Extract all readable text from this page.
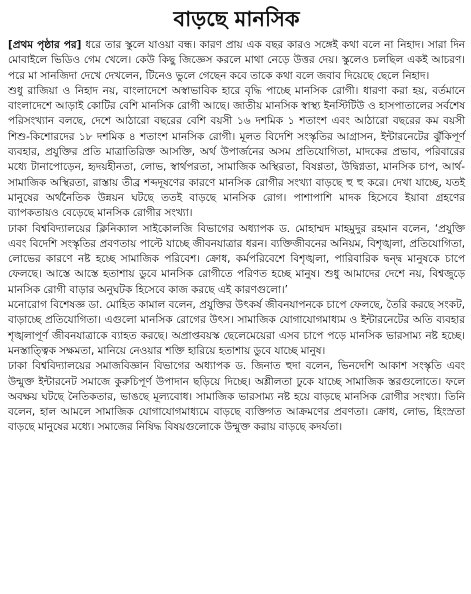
বাড়ছে মানসিক

[প্রথম পৃষ্ঠার পর] ধরে তার স্কুলে যাওয়া বন্ধ। কারণ প্রায় এক বছর কারও সঙ্গেই কথা বলে না নিহাদ। সারা দিন মোবাইলে ভিডিও গেম খেলে। কেউ কিছু জিজ্ঞেস করলে মাথা নেড়ে উত্তর দেয়। স্কুলেও চলছিল একই আচরণ। পরে মা সানজিদা দেখে দেখলেন, টিনেও ভুলে গেছেন কবে তাকে কথা বলে জবাব দিয়েছে ছেলে নিহাদ।

শুধু রাজিয়া ও নিহাদ নয়, বাংলাদেশে অস্বাভাবিক হারে বৃদ্ধি পাচ্ছে মানসিক রোগী। ধারণা করা হয়, বর্তমানে বাংলাদেশে আড়াই কোটির বেশি মানসিক রোগী আছে। জাতীয় মানসিক স্বাস্থ্য ইনস্টিটিউ ও হাসপাতালের সর্বশেষ পরিসংখ্যান বলছে, দেশে আঠারো বছরের বেশি বয়সী ১৬ দশমিক ১ শতাংশ এবং আঠারো বছরের কম বয়সী শিশু-কিশোরদের ১৮ দশমিক ৪ শতাংশ মানসিক রোগী। মূলত বিদেশি সংস্কৃতির আগ্রাসন, ইন্টারনেটের ঝুঁকিপূর্ণ ব্যবহার, প্রযুক্তির প্রতি মাত্রাতিরিক্ত আসক্তি, অর্থ উপার্জনের অসম প্রতিযোগিতা, মাদকের প্রভাব, পরিবারের মধ্যে টানাপোড়েন, হৃদয়হীনতা, লোভ, স্বার্থপরতা, সামাজিক অস্থিরতা, বিষণ্ণতা, উদ্বিগ্নতা, মানসিক চাপ, আর্থ-সামাজিক অস্থিরতা, রাস্তায় তীব্র শব্দদূষণের কারণে মানসিক রোগীর সংখ্যা বাড়ছে হু হু করে। দেখা যাচ্ছে, যতই মানুষের অর্থনৈতিক উন্নয়ন ঘটছে ততই বাড়ছে মানসিক রোগ। পাশাপাশি মাদক হিসেবে ইয়াবা গ্রহণের ব্যাপকতায়ও বেড়েছে মানসিক রোগীর সংখ্যা।

ঢাকা বিশ্ববিদ্যালয়ের ক্লিনিক্যাল সাইকোলজি বিভাগের অধ্যাপক ড. মোহাম্মদ মাহমুদুর রহমান বলেন, ‘প্রযুক্তি এবং বিদেশি সংস্কৃতির প্রবণতায় পাল্টে যাচ্ছে জীবনযাত্রার ধরন। ব্যক্তিজীবনের অনিয়ম, বিশৃঙ্খলা, প্রতিযোগিতা, লোভের কারণে নষ্ট হচ্ছে সামাজিক পরিবেশ। ক্রোধ, কর্মপরিবেশে বিশৃঙ্খলা, পারিবারিক দ্বন্দ্ব মানুষকে চাপে ফেলছে। আস্তে আস্তে হতাশায় ডুবে মানসিক রোগীতে পরিণত হচ্ছে মানুষ। শুধু আমাদের দেশে নয়, বিশ্বজুড়ে মানসিক রোগী বাড়ার অনুঘটক হিসেবে কাজ করছে এই কারণগুলো।’

মনোরোগ বিশেষজ্ঞ ডা. মোহিত কামাল বলেন, প্রযুক্তির উৎকর্ষ জীবনযাপনকে চাপে ফেলছে, তৈরি করছে সংকট, বাড়াচ্ছে প্রতিযোগিতা। এগুলো মানসিক রোগের উৎস। সামাজিক যোগাযোগমাধ্যম ও ইন্টারনেটের অতি ব্যবহার শৃঙ্খলাপূর্ণ জীবনযাত্রাকে ব্যাহত করছে। অপ্রাপ্তবয়স্ক ছেলেমেয়েরা এসব চাপে পড়ে মানসিক ভারসাম্য নষ্ট হচ্ছে। মনস্তাত্ত্বিক সক্ষমতা, মানিয়ে নেওয়ার শক্তি হারিয়ে হতাশায় ডুবে যাচ্ছে মানুষ।

ঢাকা বিশ্ববিদ্যালয়ের সমাজবিজ্ঞান বিভাগের অধ্যাপক ড. জিনাত হুদা বলেন, ভিনদেশি আকাশ সংস্কৃতি এবং উন্মুক্ত ইন্টারনেট সমাজে কুরুচিপূর্ণ উপাদান ছড়িয়ে দিচ্ছে। অশ্লীলতা ঢুকে যাচ্ছে সামাজিক স্তরগুলোতে। ফলে অবক্ষয় ঘটছে নৈতিকতার, ভাঙছে মূল্যবোধ। সামাজিক ভারসাম্য নষ্ট হয়ে বাড়ছে মানসিক রোগীর সংখ্যা। তিনি বলেন, হাল আমলে সামাজিক যোগাযোগমাধ্যমে বাড়ছে ব্যক্তিগত আক্রমণের প্রবণতা। ক্রোধ, লোভ, হিংস্রতা বাড়ছে মানুষের মধ্যে। সমাজের নিষিদ্ধ বিষয়গুলোকে উন্মুক্ত করায় বাড়ছে কদর্যতা।
